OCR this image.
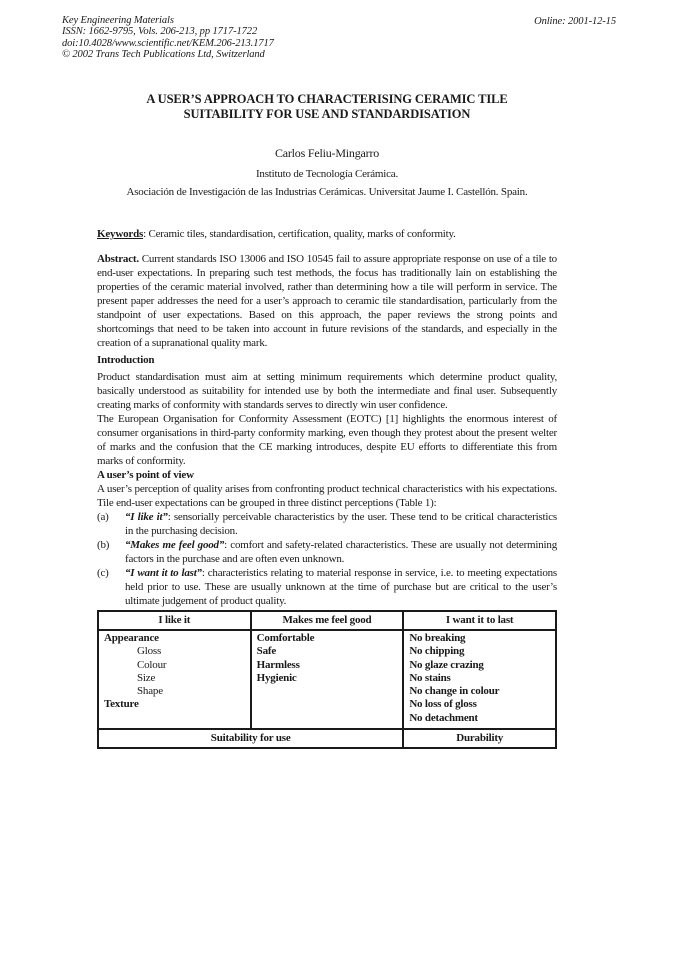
Key Engineering Materials
ISSN: 1662-9795, Vols. 206-213, pp 1717-1722
doi:10.4028/www.scientific.net/KEM.206-213.1717
© 2002 Trans Tech Publications Ltd, Switzerland
Online: 2001-12-15
A USER’S APPROACH TO CHARACTERISING CERAMIC TILE
SUITABILITY FOR USE AND STANDARDISATION
Carlos Feliu-Mingarro
Instituto de Tecnología Cerámica.
Asociación de Investigación de las Industrias Cerámicas. Universitat Jaume I. Castellón. Spain.

Keywords: Ceramic tiles, standardisation, certification, quality, marks of conformity.

Abstract. Current standards ISO 13006 and ISO 10545 fail to assure appropriate response on use of a tile to end-user expectations. In preparing such test methods, the focus has traditionally lain on establishing the properties of the ceramic material involved, rather than determining how a tile will perform in service. The present paper addresses the need for a user’s approach to ceramic tile standardisation, particularly from the standpoint of user expectations. Based on this approach, the paper reviews the strong points and shortcomings that need to be taken into account in future revisions of the standards, and especially in the creation of a supranational quality mark.

Introduction

Product standardisation must aim at setting minimum requirements which determine product quality, basically understood as suitability for intended use by both the intermediate and final user. Subsequently creating marks of conformity with standards serves to directly win user confidence.

The European Organisation for Conformity Assessment (EOTC) [1] highlights the enormous interest of consumer organisations in third-party conformity marking, even though they protest about the present welter of marks and the confusion that the CE marking introduces, despite EU efforts to differentiate this from marks of conformity.

A user’s point of view

A user’s perception of quality arises from confronting product technical characteristics with his expectations. Tile end-user expectations can be grouped in three distinct perceptions (Table 1):

(a) “I like it”: sensorially perceivable characteristics by the user. These tend to be critical characteristics in the purchasing decision.
(b) “Makes me feel good”: comfort and safety-related characteristics. These are usually not determining factors in the purchase and are often even unknown.
(c) “I want it to last”: characteristics relating to material response in service, i.e. to meeting expectations held prior to use. These are usually unknown at the time of purchase but are critical to the user’s ultimate judgement of product quality.
I like it	Makes me feel good	I want it to last

Appearance
Gloss
Colour
Size
Shape
Texture

Comfortable
Safe
Harmless
Hygienic

No breaking
No chipping
No glaze crazing
No stains
No change in colour
No loss of gloss
No detachment

Suitability for use		Durability
